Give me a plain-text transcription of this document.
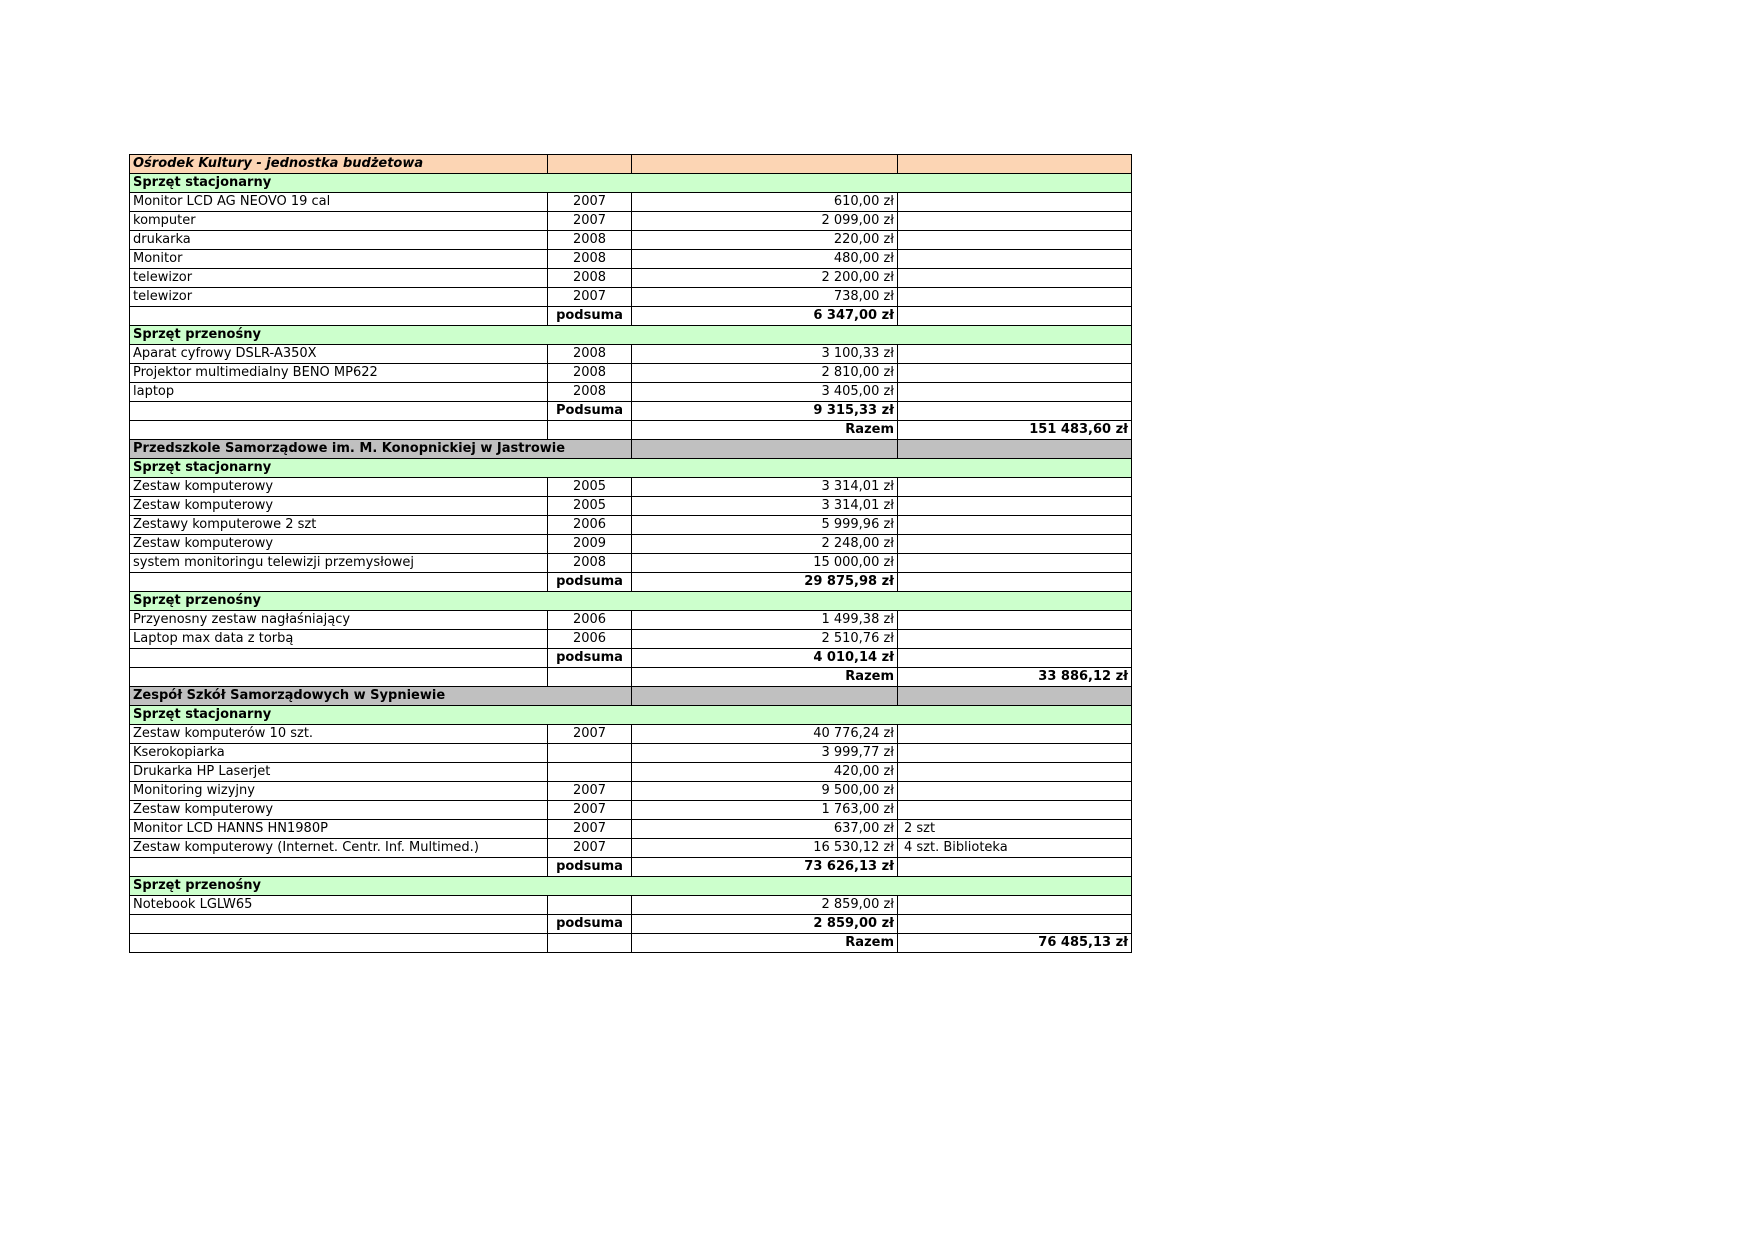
Ośrodek Kultury - jednostka budżetowa			
Sprzęt stacjonarny			
Monitor LCD AG NEOVO 19 cal	2007	610,00 zł	
komputer	2007	2 099,00 zł	
drukarka	2008	220,00 zł	
Monitor	2008	480,00 zł	
telewizor	2008	2 200,00 zł	
telewizor	2007	738,00 zł	
	podsuma	6 347,00 zł	
Sprzęt przenośny			
Aparat cyfrowy DSLR-A350X	2008	3 100,33 zł	
Projektor multimedialny BENO MP622	2008	2 810,00 zł	
laptop	2008	3 405,00 zł	
	Podsuma	9 315,33 zł	
		Razem	151 483,60 zł
Przedszkole Samorządowe im. M. Konopnickiej w Jastrowie			
Sprzęt stacjonarny			
Zestaw komputerowy	2005	3 314,01 zł	
Zestaw komputerowy	2005	3 314,01 zł	
Zestawy komputerowe 2 szt	2006	5 999,96 zł	
Zestaw komputerowy	2009	2 248,00 zł	
system monitoringu telewizji przemysłowej	2008	15 000,00 zł	
	podsuma	29 875,98 zł	
Sprzęt przenośny			
Przyenosny zestaw nagłaśniający	2006	1 499,38 zł	
Laptop max data z torbą	2006	2 510,76 zł	
	podsuma	4 010,14 zł	
		Razem	33 886,12 zł
Zespół Szkół Samorządowych w Sypniewie			
Sprzęt stacjonarny			
Zestaw komputerów 10 szt.	2007	40 776,24 zł	
Kserokopiarka		3 999,77 zł	
Drukarka HP Laserjet		420,00 zł	
Monitoring wizyjny	2007	9 500,00 zł	
Zestaw komputerowy	2007	1 763,00 zł	
Monitor LCD HANNS HN1980P	2007	637,00 zł	2 szt
Zestaw komputerowy (Internet. Centr. Inf. Multimed.)	2007	16 530,12 zł	4 szt. Biblioteka
	podsuma	73 626,13 zł	
Sprzęt przenośny			
Notebook LGLW65		2 859,00 zł	
	podsuma	2 859,00 zł	
		Razem	76 485,13 zł
